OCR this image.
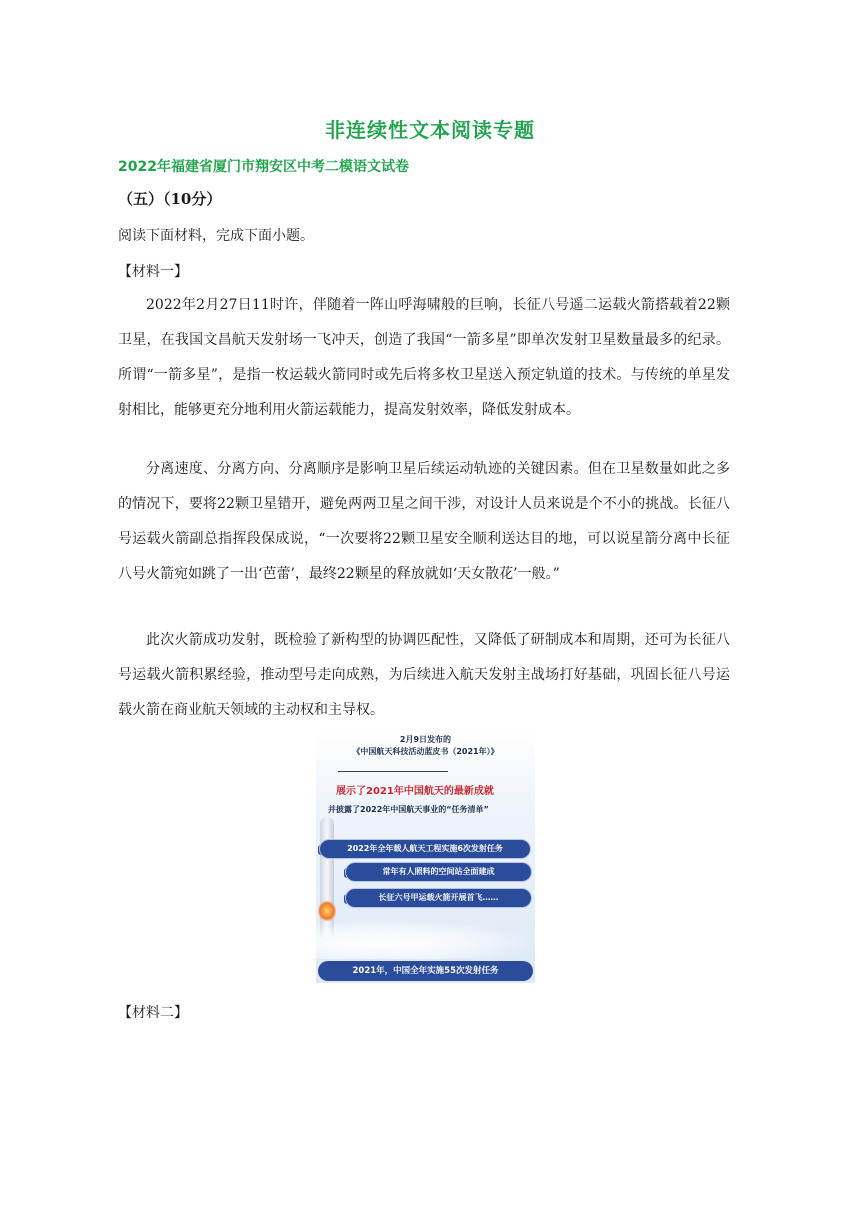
非连续性文本阅读专题
2022年福建省厦门市翔安区中考二模语文试卷
（五）（10分）
阅读下面材料，完成下面小题。
【材料一】

2022年2月27日11时许，伴随着一阵山呼海啸般的巨响，长征八号遥二运载火箭搭载着22颗卫星，在我国文昌航天发射场一飞冲天，创造了我国“一箭多星”即单次发射卫星数量最多的纪录。所谓“一箭多星”，是指一枚运载火箭同时或先后将多枚卫星送入预定轨道的技术。与传统的单星发射相比，能够更充分地利用火箭运载能力，提高发射效率，降低发射成本。

分离速度、分离方向、分离顺序是影响卫星后续运动轨迹的关键因素。但在卫星数量如此之多的情况下，要将22颗卫星错开，避免两两卫星之间干涉，对设计人员来说是个不小的挑战。长征八号运载火箭副总指挥段保成说，“一次要将22颗卫星安全顺利送达目的地，可以说星箭分离中长征八号火箭宛如跳了一出‘芭蕾’，最终22颗星的释放就如‘天女散花’一般。”

此次火箭成功发射，既检验了新构型的协调匹配性，又降低了研制成本和周期，还可为长征八号运载火箭积累经验，推动型号走向成熟，为后续进入航天发射主战场打好基础，巩固长征八号运载火箭在商业航天领域的主动权和主导权。

2月9日发布的
《中国航天科技活动蓝皮书（2021年）》
展示了2021年中国航天的最新成就
并披露了2022年中国航天事业的“任务清单”
2022年全年载人航天工程实施6次发射任务
常年有人照料的空间站全面建成
长征六号甲运载火箭开展首飞……
2021年，中国全年实施55次发射任务
【材料二】
